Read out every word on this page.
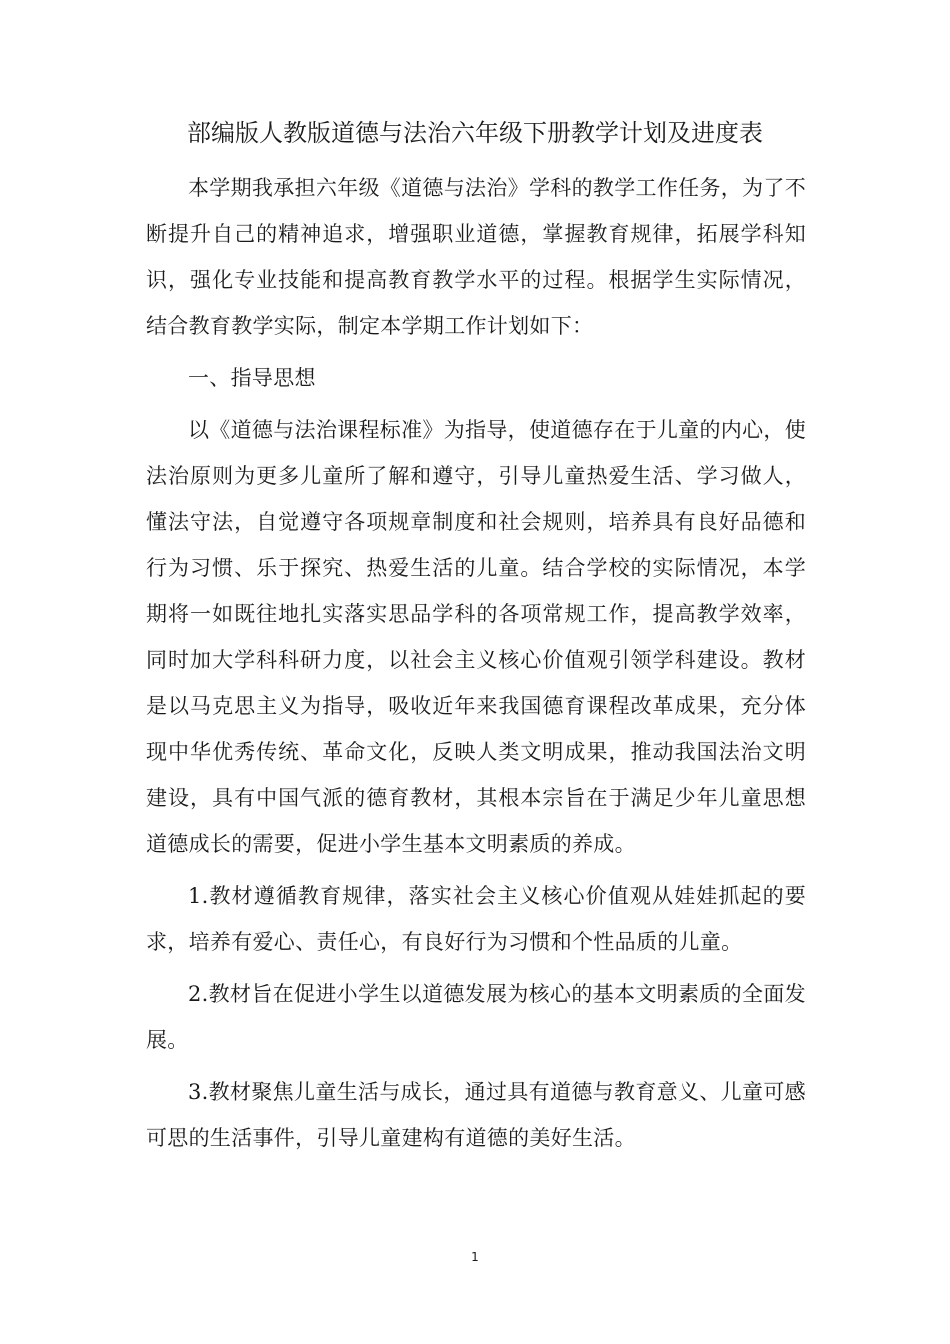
部编版人教版道德与法治六年级下册教学计划及进度表

本学期我承担六年级《道德与法治》学科的教学工作任务，为了不断提升自己的精神追求，增强职业道德，掌握教育规律，拓展学科知识，强化专业技能和提高教育教学水平的过程。根据学生实际情况，结合教育教学实际，制定本学期工作计划如下：

一、指导思想

以《道德与法治课程标准》为指导，使道德存在于儿童的内心，使法治原则为更多儿童所了解和遵守，引导儿童热爱生活、学习做人，懂法守法，自觉遵守各项规章制度和社会规则，培养具有良好品德和行为习惯、乐于探究、热爱生活的儿童。结合学校的实际情况，本学期将一如既往地扎实落实思品学科的各项常规工作，提高教学效率，同时加大学科科研力度，以社会主义核心价值观引领学科建设。教材是以马克思主义为指导，吸收近年来我国德育课程改革成果，充分体现中华优秀传统、革命文化，反映人类文明成果，推动我国法治文明建设，具有中国气派的德育教材，其根本宗旨在于满足少年儿童思想道德成长的需要，促进小学生基本文明素质的养成。

1.教材遵循教育规律，落实社会主义核心价值观从娃娃抓起的要求，培养有爱心、责任心，有良好行为习惯和个性品质的儿童。

2.教材旨在促进小学生以道德发展为核心的基本文明素质的全面发展。

3.教材聚焦儿童生活与成长，通过具有道德与教育意义、儿童可感可思的生活事件，引导儿童建构有道德的美好生活。

1
